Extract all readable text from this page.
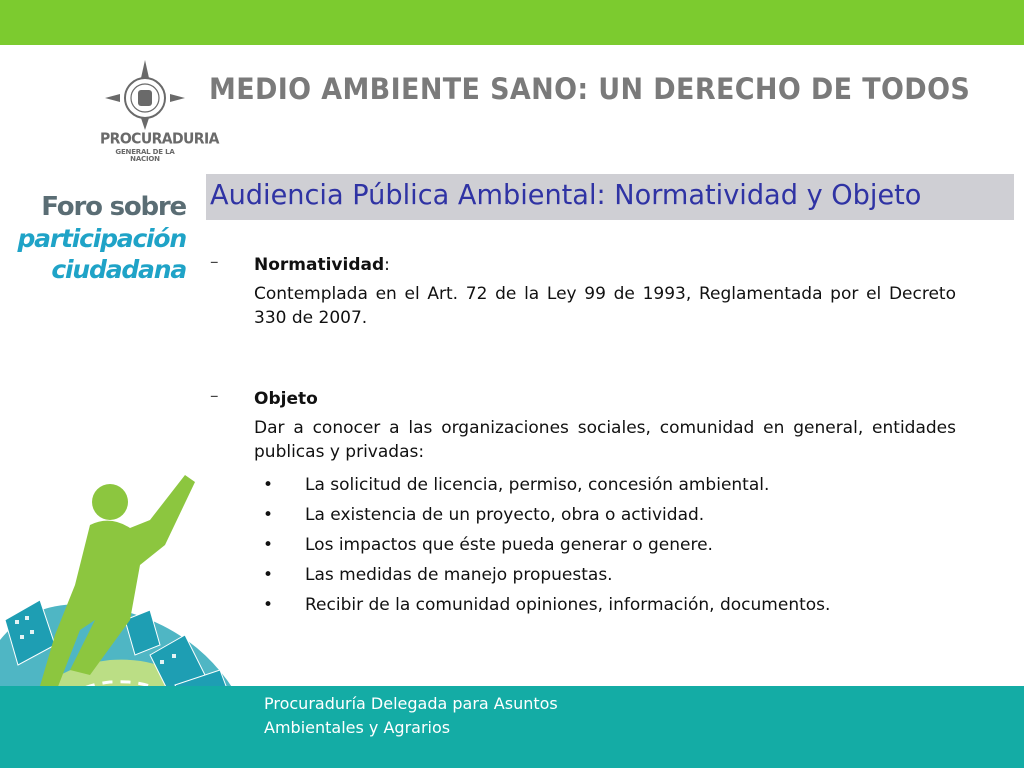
PROCURADURIA
GENERAL DE LA NACION
Foro sobre
participación
ciudadana
MEDIO AMBIENTE SANO: UN DERECHO DE TODOS
Audiencia Pública Ambiental: Normatividad y Objeto
– Normatividad:
Contemplada en el Art. 72 de la Ley 99 de 1993, Reglamentada por el Decreto 330 de 2007.
– Objeto
Dar a conocer a las organizaciones sociales, comunidad en general, entidades publicas y privadas:
• La solicitud de licencia, permiso, concesión ambiental.
• La existencia de un proyecto, obra o actividad.
• Los impactos que éste pueda generar o genere.
• Las medidas de manejo propuestas.
• Recibir de la comunidad opiniones, información, documentos.
Procuraduría Delegada para Asuntos
Ambientales y Agrarios
